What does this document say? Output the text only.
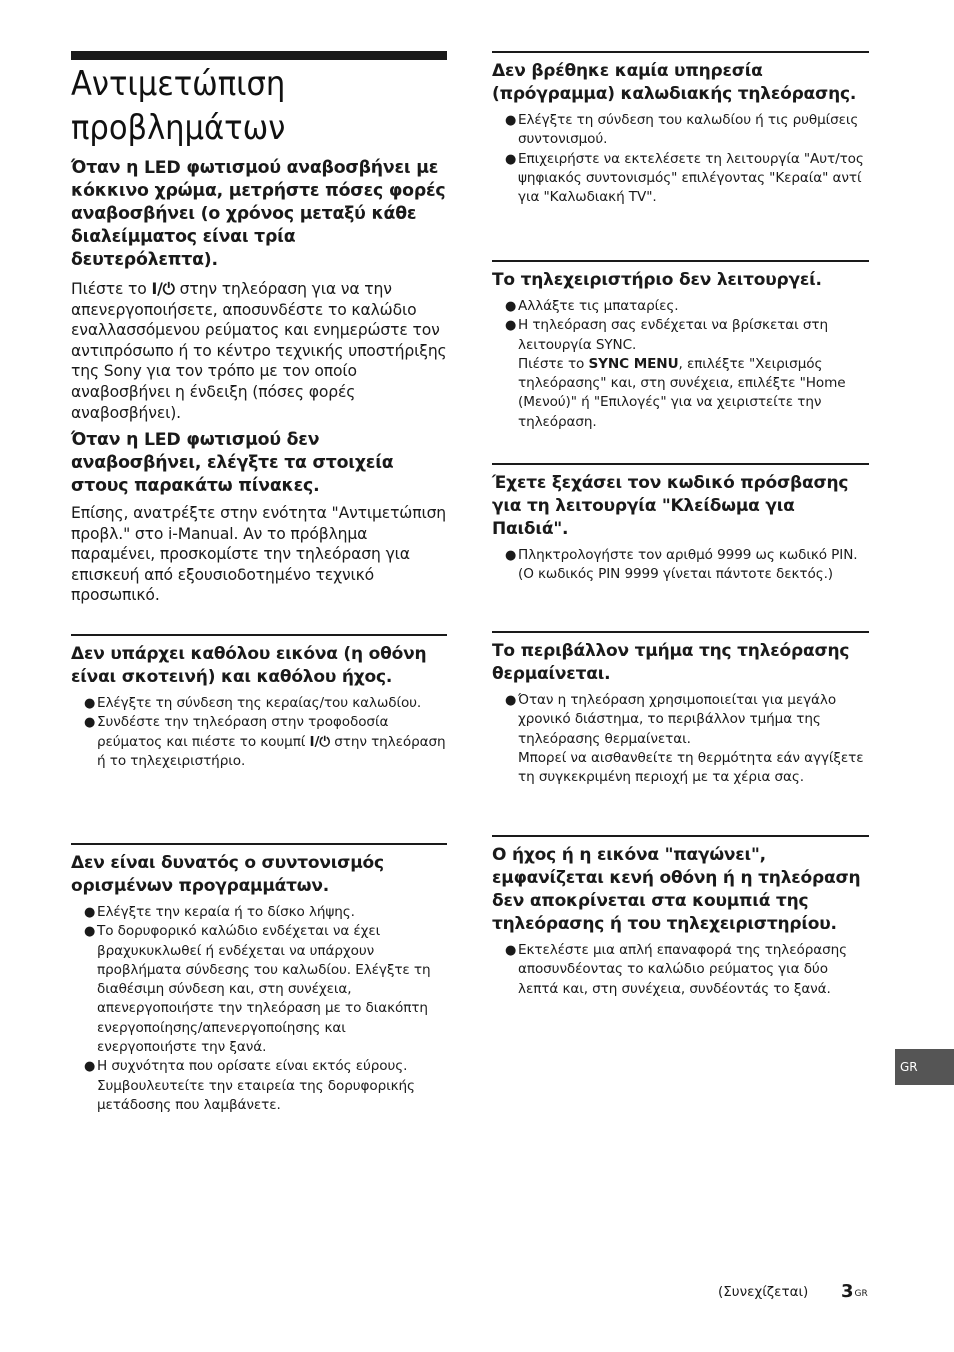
Αντιμετώπιση προβλημάτων
Όταν η LED φωτισμού αναβοσβήνει με κόκκινο χρώμα, μετρήστε πόσες φορές αναβοσβήνει (ο χρόνος μεταξύ κάθε διαλείμματος είναι τρία δευτερόλεπτα).

Πιέστε το I/⏻ στην τηλεόραση για να την απενεργοποιήσετε, αποσυνδέστε το καλώδιο εναλλασσόμενου ρεύματος και ενημερώστε τον αντιπρόσωπο ή το κέντρο τεχνικής υποστήριξης της Sony για τον τρόπο με τον οποίο αναβοσβήνει η ένδειξη (πόσες φορές αναβοσβήνει).

Όταν η LED φωτισμού δεν αναβοσβήνει, ελέγξτε τα στοιχεία στους παρακάτω πίνακες.

Επίσης, ανατρέξτε στην ενότητα "Αντιμετώπιση προβλ." στο i-Manual. Αν το πρόβλημα παραμένει, προσκομίστε την τηλεόραση για επισκευή από εξουσιοδοτημένο τεχνικό προσωπικό.

Δεν υπάρχει καθόλου εικόνα (η οθόνη είναι σκοτεινή) και καθόλου ήχος.
● Ελέγξτε τη σύνδεση της κεραίας/του καλωδίου.
● Συνδέστε την τηλεόραση στην τροφοδοσία ρεύματος και πιέστε το κουμπί I/⏻ στην τηλεόραση ή το τηλεχειριστήριο.
Δεν είναι δυνατός ο συντονισμός ορισμένων προγραμμάτων.
● Ελέγξτε την κεραία ή το δίσκο λήψης.
● Το δορυφορικό καλώδιο ενδέχεται να έχει βραχυκυκλωθεί ή ενδέχεται να υπάρχουν προβλήματα σύνδεσης του καλωδίου. Ελέγξτε τη διαθέσιμη σύνδεση και, στη συνέχεια, απενεργοποιήστε την τηλεόραση με το διακόπτη ενεργοποίησης/απενεργοποίησης και ενεργοποιήστε την ξανά.
● Η συχνότητα που ορίσατε είναι εκτός εύρους. Συμβουλευτείτε την εταιρεία της δορυφορικής μετάδοσης που λαμβάνετε.
Δεν βρέθηκε καμία υπηρεσία (πρόγραμμα) καλωδιακής τηλεόρασης.
● Ελέγξτε τη σύνδεση του καλωδίου ή τις ρυθμίσεις συντονισμού.
● Επιχειρήστε να εκτελέσετε τη λειτουργία "Αυτ/τος ψηφιακός συντονισμός" επιλέγοντας "Κεραία" αντί για "Καλωδιακή TV".
Το τηλεχειριστήριο δεν λειτουργεί.
● Αλλάξτε τις μπαταρίες.
● Η τηλεόραση σας ενδέχεται να βρίσκεται στη λειτουργία SYNC.
Πιέστε το SYNC MENU, επιλέξτε "Χειρισμός τηλεόρασης" και, στη συνέχεια, επιλέξτε "Home (Μενού)" ή "Επιλογές" για να χειριστείτε την τηλεόραση.
Έχετε ξεχάσει τον κωδικό πρόσβασης για τη λειτουργία "Κλείδωμα για Παιδιά".
● Πληκτρολογήστε τον αριθμό 9999 ως κωδικό PIN. (Ο κωδικός PIN 9999 γίνεται πάντοτε δεκτός.)
Το περιβάλλον τμήμα της τηλεόρασης θερμαίνεται.
● Όταν η τηλεόραση χρησιμοποιείται για μεγάλο χρονικό διάστημα, το περιβάλλον τμήμα της τηλεόρασης θερμαίνεται.
Μπορεί να αισθανθείτε τη θερμότητα εάν αγγίξετε τη συγκεκριμένη περιοχή με τα χέρια σας.
Ο ήχος ή η εικόνα "παγώνει", εμφανίζεται κενή οθόνη ή η τηλεόραση δεν αποκρίνεται στα κουμπιά της τηλεόρασης ή του τηλεχειριστηρίου.
● Εκτελέστε μια απλή επαναφορά της τηλεόρασης αποσυνδέοντας το καλώδιο ρεύματος για δύο λεπτά και, στη συνέχεια, συνδέοντάς το ξανά.
GR
(Συνεχίζεται) $3^{GR}$
